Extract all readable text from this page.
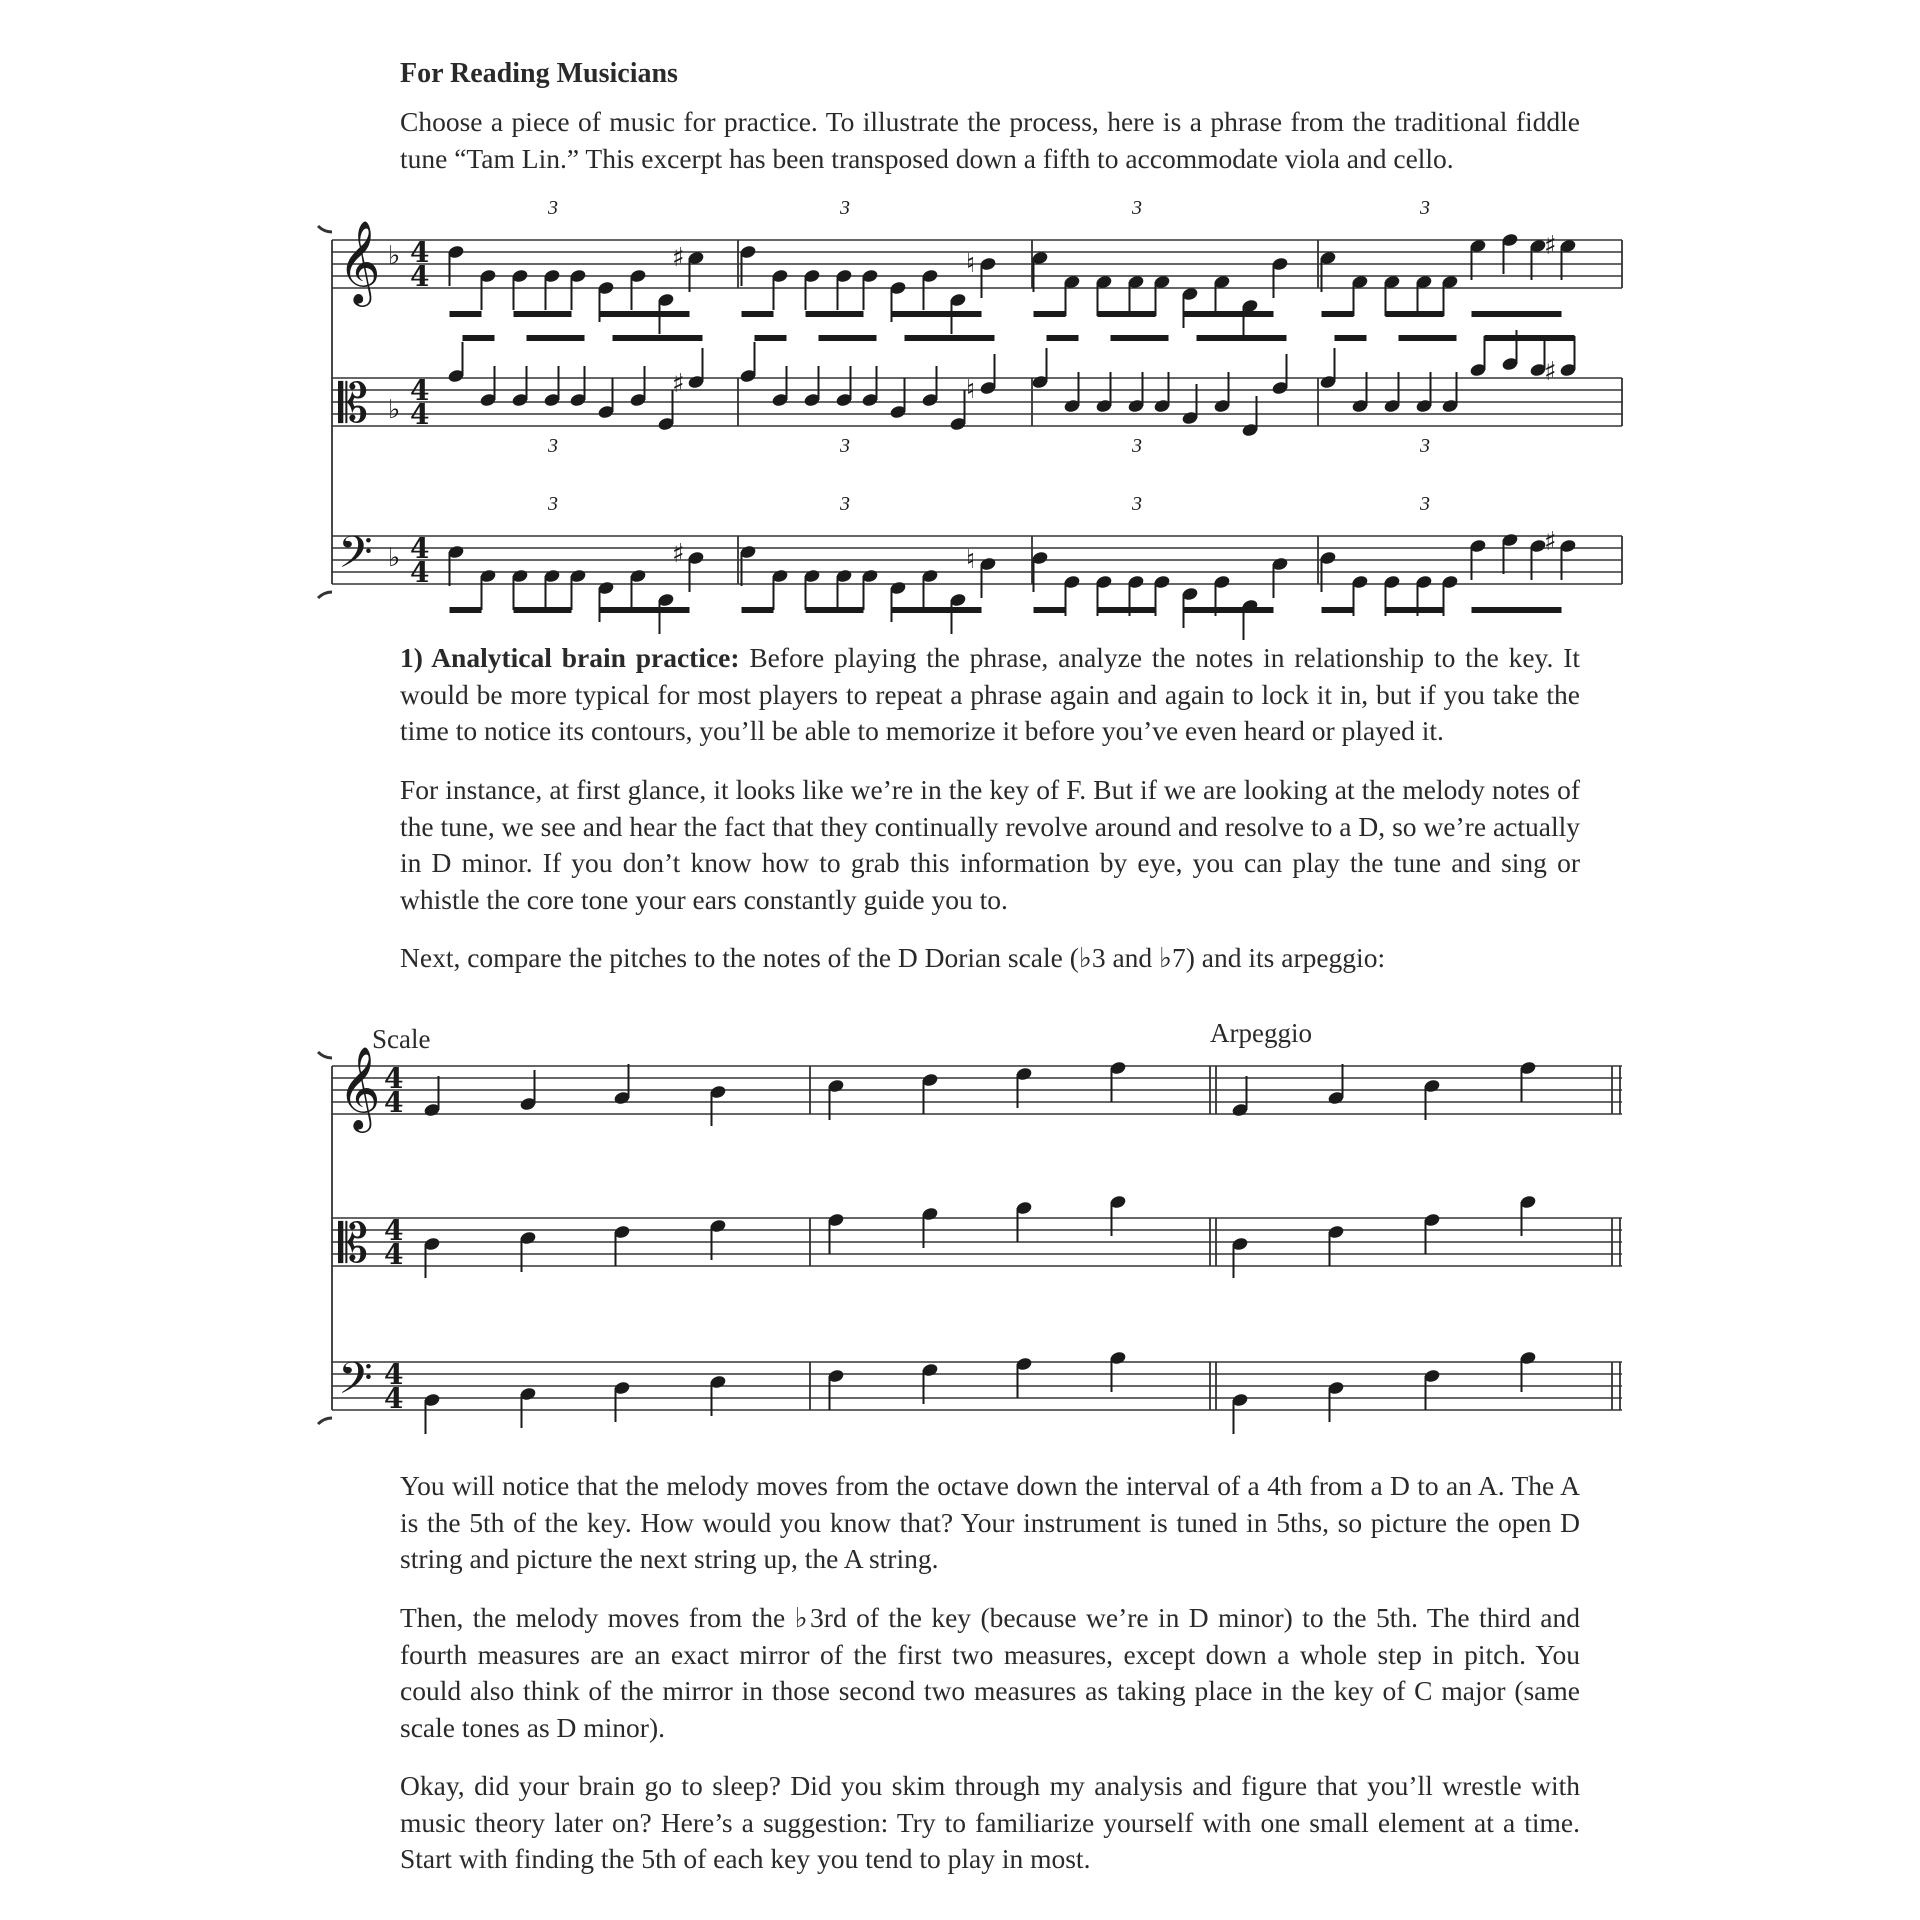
For Reading Musicians
Choose a piece of music for practice. To illustrate the process, here is a phrase from the traditional fiddle tune “Tam Lin.” This excerpt has been transposed down a fifth to accommodate viola and cello.
𝄞 ♭ 4
4
3
♯
3
♮
3	3
♯
𝄡 ♭
4
4
3
♯
3
♮
3	3
♯
𝄢 ♭ 4
4
3
♯
3
♮
3	3
♯
𝄞 4
4
𝄡 4
4
𝄢 4
4
1) Analytical brain practice: Before playing the phrase, analyze the notes in relationship to the key. It would be more typical for most players to repeat a phrase again and again to lock it in, but if you take the time to notice its contours, you’ll be able to memorize it before you’ve even heard or played it.
For instance, at first glance, it looks like we’re in the key of F. But if we are looking at the melody notes of the tune, we see and hear the fact that they continually revolve around and resolve to a D, so we’re actually in D minor. If you don’t know how to grab this information by eye, you can play the tune and sing or whistle the core tone your ears constantly guide you to.
Next, compare the pitches to the notes of the D Dorian scale (♭3 and ♭7) and its arpeggio:
Scale	Arpeggio
You will notice that the melody moves from the octave down the interval of a 4th from a D to an A. The A is the 5th of the key. How would you know that? Your instrument is tuned in 5ths, so picture the open D string and picture the next string up, the A string.
Then, the melody moves from the ♭3rd of the key (because we’re in D minor) to the 5th. The third and fourth measures are an exact mirror of the first two measures, except down a whole step in pitch. You could also think of the mirror in those second two measures as taking place in the key of C major (same scale tones as D minor).
Okay, did your brain go to sleep? Did you skim through my analysis and figure that you’ll wrestle with music theory later on? Here’s a suggestion: Try to familiarize yourself with one small element at a time. Start with finding the 5th of each key you tend to play in most.
